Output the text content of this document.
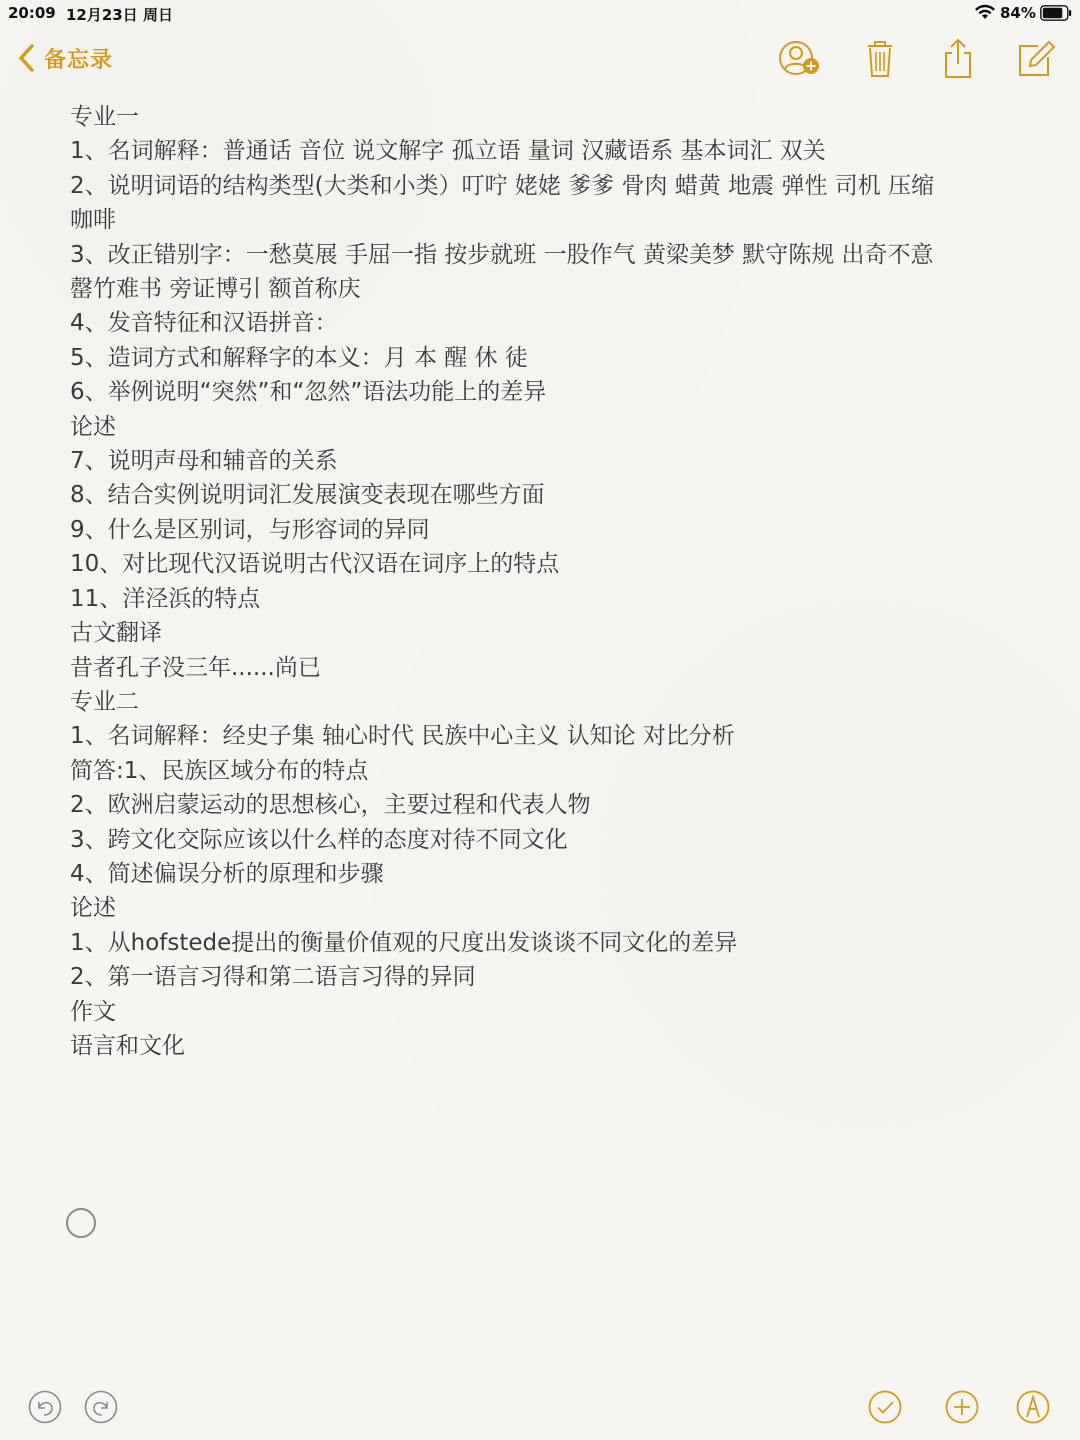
20:09 12月23日 周日	84%
备忘录
专业一
1、名词解释：普通话 音位 说文解字 孤立语 量词 汉藏语系 基本词汇 双关
2、说明词语的结构类型(大类和小类）叮咛 姥姥 爹爹 骨肉 蜡黄 地震 弹性 司机 压缩
咖啡
3、改正错别字：一愁莫展 手屈一指 按步就班 一股作气 黄梁美梦 默守陈规 出奇不意
罄竹难书 旁证博引 额首称庆
4、发音特征和汉语拼音：
5、造词方式和解释字的本义：月 本 醒 休 徒
6、举例说明“突然”和“忽然”语法功能上的差异
论述
7、说明声母和辅音的关系
8、结合实例说明词汇发展演变表现在哪些方面
9、什么是区别词，与形容词的异同
10、对比现代汉语说明古代汉语在词序上的特点
11、洋泾浜的特点
古文翻译
昔者孔子没三年......尚已
专业二
1、名词解释：经史子集 轴心时代 民族中心主义 认知论 对比分析
简答:1、民族区域分布的特点
2、欧洲启蒙运动的思想核心，主要过程和代表人物
3、跨文化交际应该以什么样的态度对待不同文化
4、简述偏误分析的原理和步骤
论述
1、从hofstede提出的衡量价值观的尺度出发谈谈不同文化的差异
2、第一语言习得和第二语言习得的异同
作文
语言和文化
